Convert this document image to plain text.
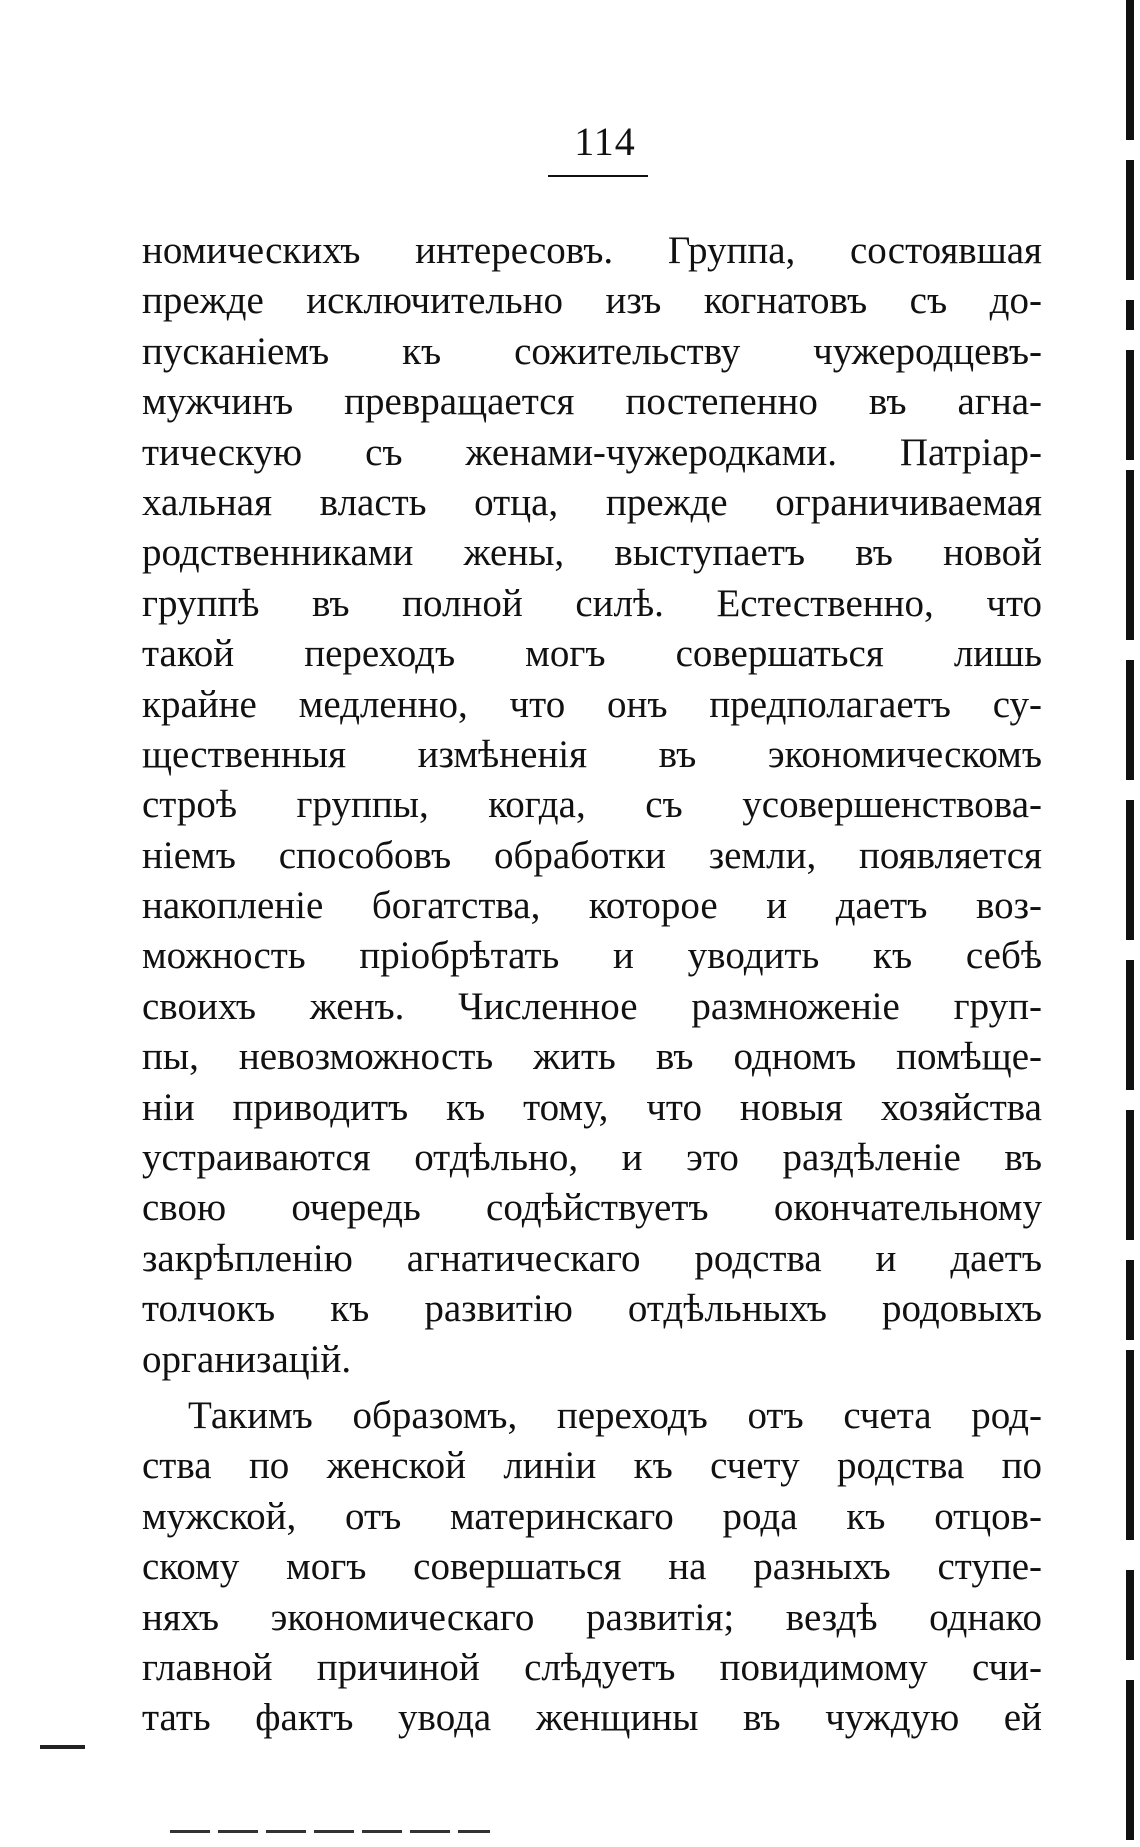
114
номическихъ интересовъ. Группа, состоявшая
прежде исключительно изъ когнатовъ съ до-
пусканіемъ къ сожительству чужеродцевъ-
мужчинъ превращается постепенно въ агна-
тическую съ женами-чужеродками. Патріар-
хальная власть отца, прежде ограничиваемая
родственниками жены, выступаетъ въ новой
группѣ въ полной силѣ. Естественно, что
такой переходъ могъ совершаться лишь
крайне медленно, что онъ предполагаетъ су-
щественныя измѣненія въ экономическомъ
строѣ группы, когда, съ усовершенствова-
ніемъ способовъ обработки земли, появляется
накопленіе богатства, которое и даетъ воз-
можность пріобрѣтать и уводить къ себѣ
своихъ женъ. Численное размноженіе груп-
пы, невозможность жить въ одномъ помѣще-
ніи приводитъ къ тому, что новыя хозяйства
устраиваются отдѣльно, и это раздѣленіе въ
свою очередь содѣйствуетъ окончательному
закрѣпленію агнатическаго родства и даетъ
толчокъ къ развитію отдѣльныхъ родовыхъ
организацій.
Такимъ образомъ, переходъ отъ счета род-
ства по женской линіи къ счету родства по
мужской, отъ материнскаго рода къ отцов-
скому могъ совершаться на разныхъ ступе-
няхъ экономическаго развитія; вездѣ однако
главной причиной слѣдуетъ повидимому счи-
тать фактъ увода женщины въ чуждую ей
